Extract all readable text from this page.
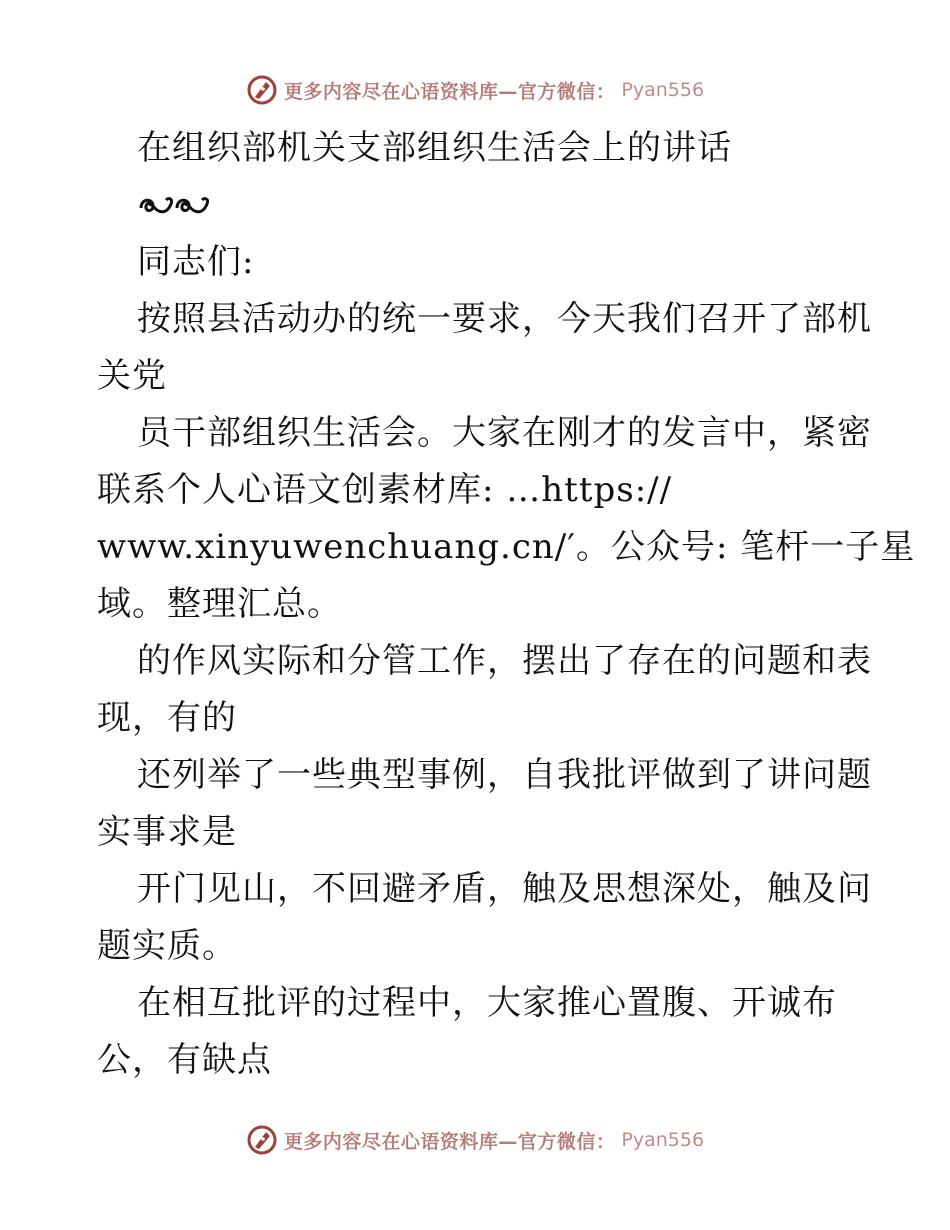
更多内容尽在心语资料库—官方微信： Pyan556
在组织部机关支部组织生活会上的讲话
同志们:
按照县活动办的统一要求，今天我们召开了部机
关党
员干部组织生活会。大家在刚才的发言中，紧密
联系个人心语文创素材库: …https://
www.xinyuwenchuang.cn/′。公众号: 笔杆一子星
域。整理汇总。
的作风实际和分管工作，摆出了存在的问题和表
现，有的
还列举了一些典型事例，自我批评做到了讲问题
实事求是
开门见山，不回避矛盾，触及思想深处，触及问
题实质。
在相互批评的过程中，大家推心置腹、开诚布
公，有缺点
更多内容尽在心语资料库—官方微信： Pyan556
